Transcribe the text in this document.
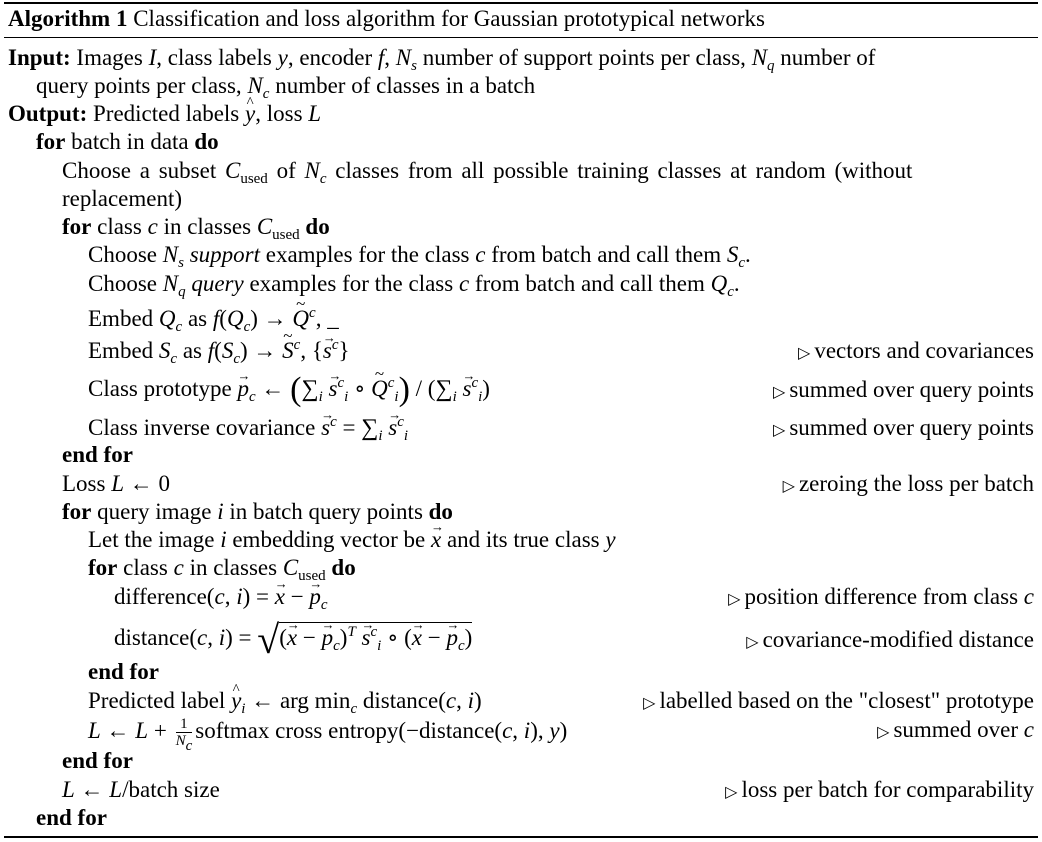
Algorithm 1 Classification and loss algorithm for Gaussian prototypical networks
Input: Images I, class labels y, encoder f, $N_s$ number of support points per class, $N_q$ number of
query points per class, $N_c$ number of classes in a batch
Output: Predicted labels ^ y, loss L
for batch in data do
Choose a subset $C_{used}$ of $N_c$ classes from all possible training classes at random (without
replacement)
for class c in classes $C_{used}$ do
Choose $N_s$ support examples for the class c from batch and call them $S_c$.
Choose $N_q$ query examples for the class c from batch and call them $Q_c$.
Embed $Q_c$ as $f(Q_c)$ → ~ $Q^c$, _
Embed $S_c$ as $f(S_c)$ → ~ $S^c$, {→ $s^c$}	▷ vectors and covariances
Class prototype → $p_c$ ← ($\sum_i \to s^c_i$ ∘ ~ $Q^c_i) / (\sum_i \to s^c_i)$	▷ summed over query points
Class inverse covariance → $s^c = \sum_i \to s^c_i$	▷ summed over query points
end for
Loss L ← 0	▷ zeroing the loss per batch
for query image i in batch query points do
Let the image i embedding vector be → x and its true class y
for class c in classes $C_{used}$ do
difference(c, i) = → x − → $p_c$	▷ position difference from class c
distance(c, i) = √(→ x − → $p_c)^T \to s^c_i$ ∘ (→ x − → $p_c$)	▷ covariance-modified distance
end for
Predicted label ^ $y_i$ ← arg $\min_c$ distance(c, i)	▷ labelled based on the "closest" prototype
L ← $L + \frac{1}{N_c}$ softmax cross entropy(−distance(c, i), y)	▷ summed over c
end for
L ← L/batch size	▷ loss per batch for comparability
end for
